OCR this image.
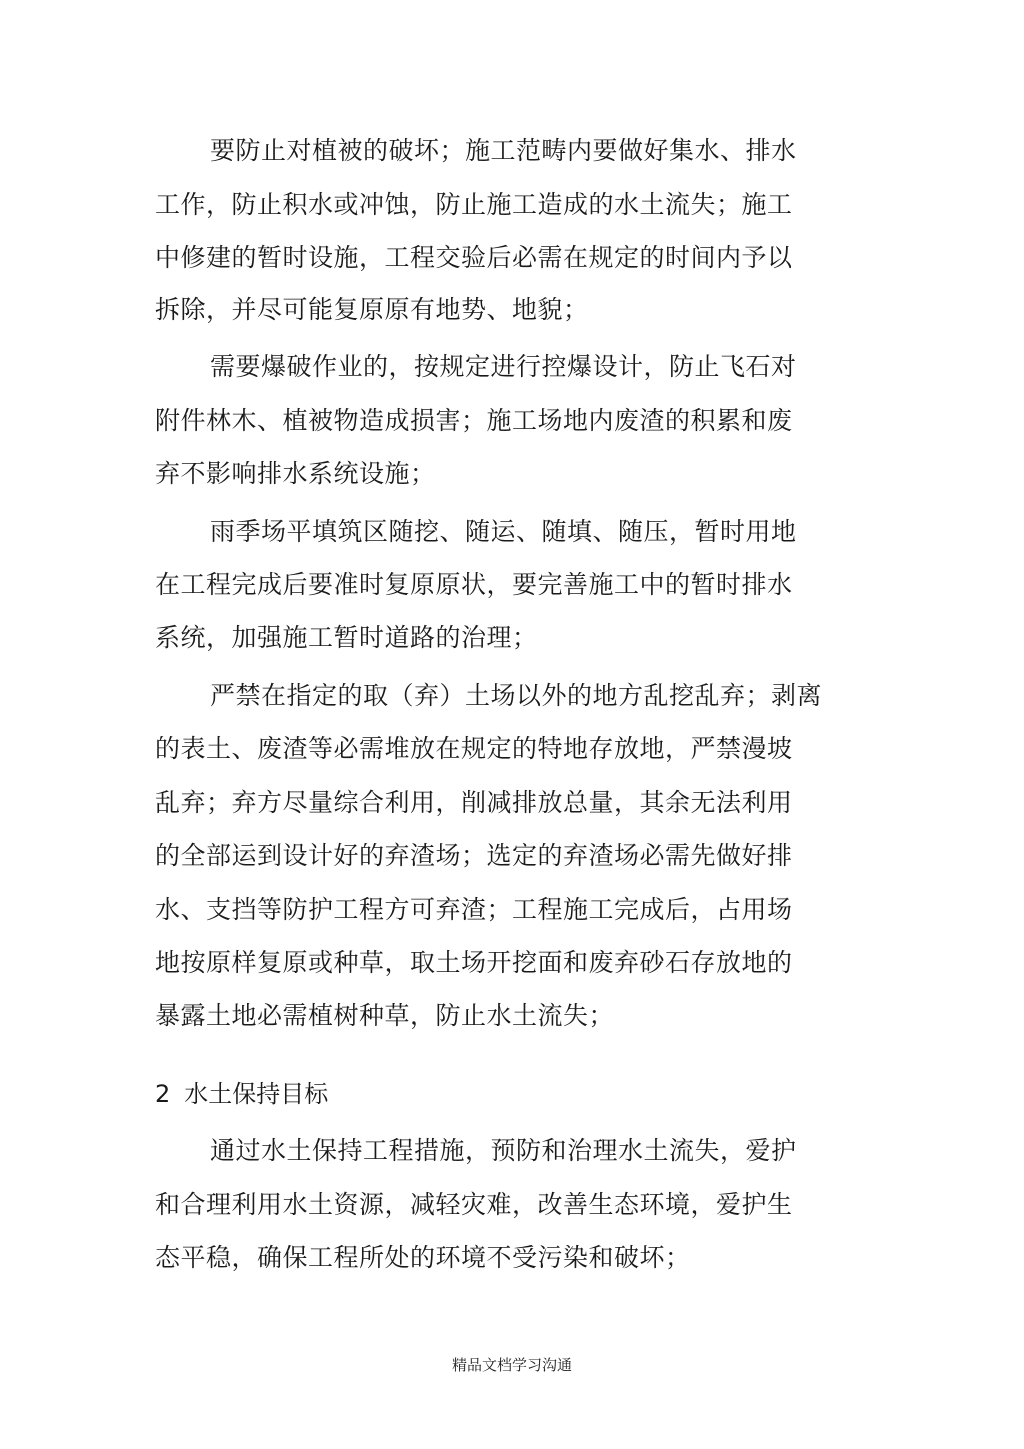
要防止对植被的破坏；施工范畴内要做好集水、排水
工作，防止积水或冲蚀，防止施工造成的水土流失；施工
中修建的暂时设施，工程交验后必需在规定的时间内予以
拆除，并尽可能复原原有地势、地貌；
需要爆破作业的，按规定进行控爆设计，防止飞石对
附件林木、植被物造成损害；施工场地内废渣的积累和废
弃不影响排水系统设施；
雨季场平填筑区随挖、随运、随填、随压，暂时用地
在工程完成后要准时复原原状，要完善施工中的暂时排水
系统，加强施工暂时道路的治理；
严禁在指定的取（弃）土场以外的地方乱挖乱弃；剥离
的表土、废渣等必需堆放在规定的特地存放地，严禁漫坡
乱弃；弃方尽量综合利用，削减排放总量，其余无法利用
的全部运到设计好的弃渣场；选定的弃渣场必需先做好排
水、支挡等防护工程方可弃渣；工程施工完成后，占用场
地按原样复原或种草，取土场开挖面和废弃砂石存放地的
暴露土地必需植树种草，防止水土流失；
2 水土保持目标
通过水土保持工程措施，预防和治理水土流失，爱护
和合理利用水土资源，减轻灾难，改善生态环境，爱护生
态平稳，确保工程所处的环境不受污染和破坏；
精品文档学习沟通
